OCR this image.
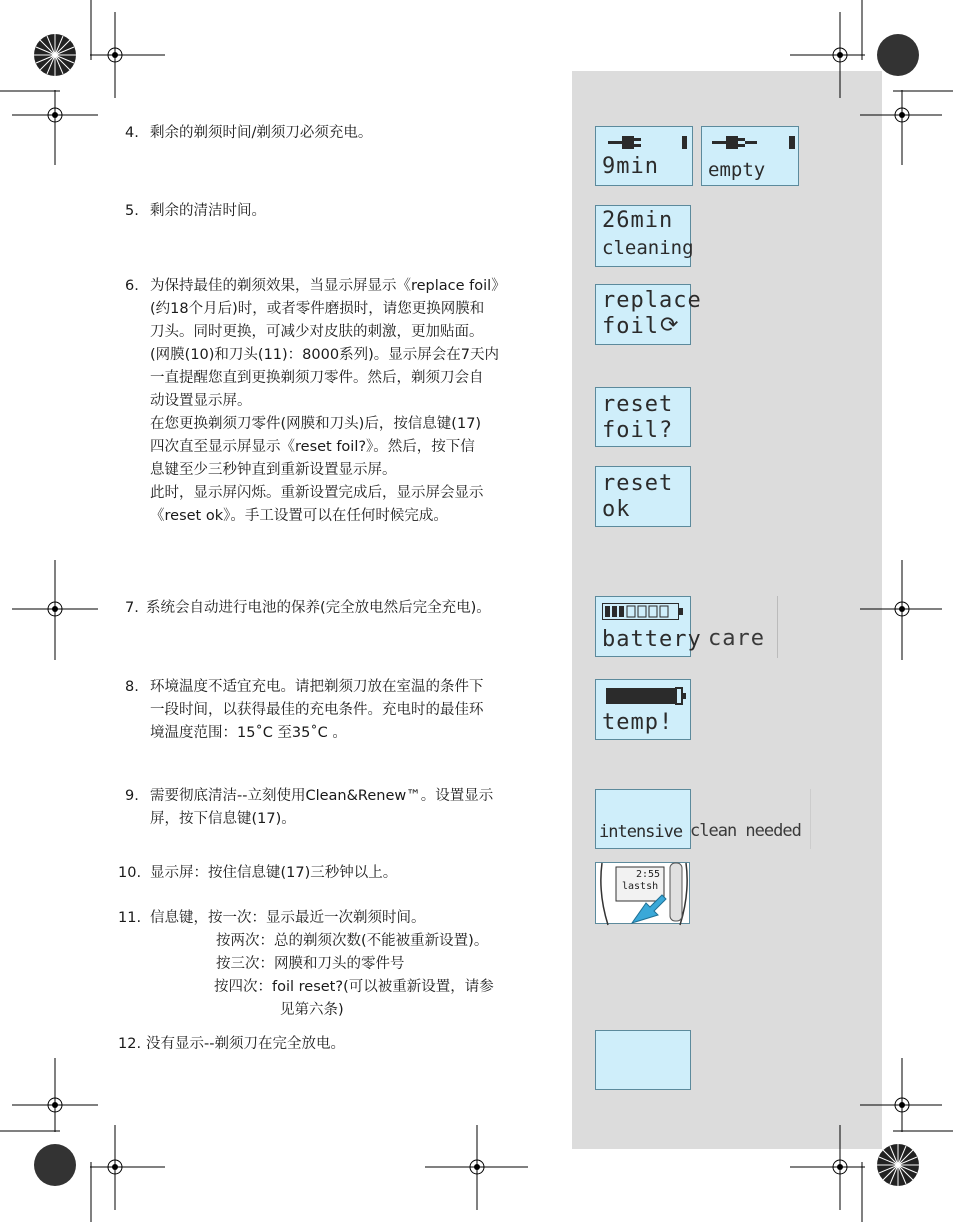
4. 剩余的剃须时间/剃须刀必须充电。
5. 剩余的清洁时间。
6. 为保持最佳的剃须效果，当显示屏显示《replace foil》
(约18个月后)时，或者零件磨损时，请您更换网膜和
刀头。同时更换，可减少对皮肤的刺激，更加贴面。
(网膜(10)和刀头(11)：8000系列)。显示屏会在7天内
一直提醒您直到更换剃须刀零件。然后，剃须刀会自
动设置显示屏。
在您更换剃须刀零件(网膜和刀头)后，按信息键(17)
四次直至显示屏显示《reset foil?》。然后，按下信
息键至少三秒钟直到重新设置显示屏。
此时，显示屏闪烁。重新设置完成后，显示屏会显示
《reset ok》。手工设置可以在任何时候完成。
7. 系统会自动进行电池的保养(完全放电然后完全充电)。
8. 环境温度不适宜充电。请把剃须刀放在室温的条件下
一段时间，以获得最佳的充电条件。充电时的最佳环
境温度范围：15˚C 至35˚C 。
9. 需要彻底清洁--立刻使用Clean&Renew™。设置显示
屏，按下信息键(17)。
10. 显示屏：按住信息键(17)三秒钟以上。
11. 信息键，按一次：显示最近一次剃须时间。
按两次：总的剃须次数(不能被重新设置)。
按三次：网膜和刀头的零件号
按四次：foil reset?(可以被重新设置，请参
见第六条)
12. 没有显示--剃须刀在完全放电。
9min	empty
26min
cleaning
replace
foil ⟳
reset
foil?
reset
ok
battery care
temp!
intensive clean needed
2:55
lastsh
